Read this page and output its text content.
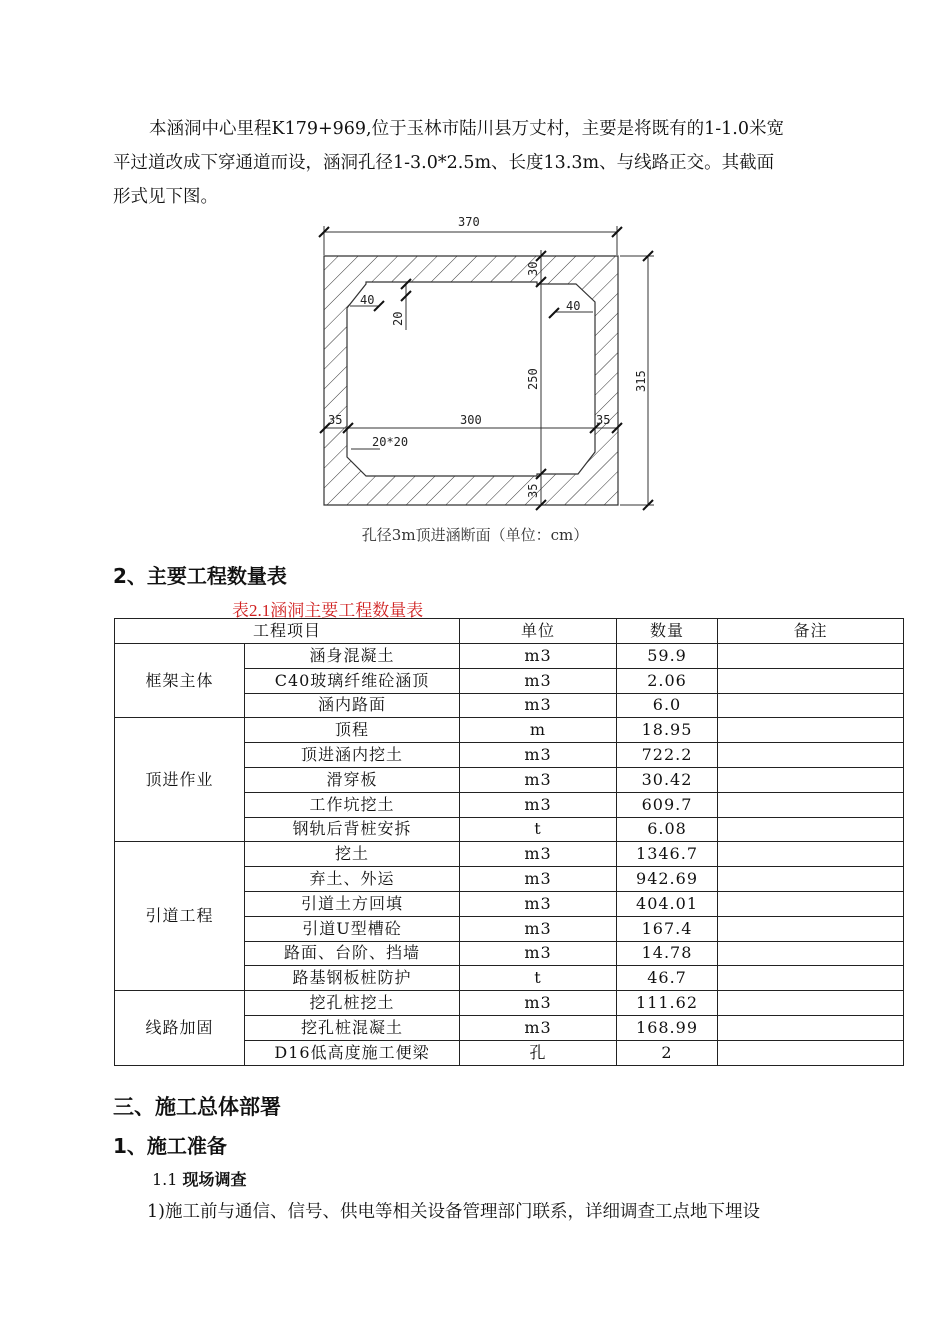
本涵洞中心里程K179+969,位于玉林市陆川县万丈村，主要是将既有的1-1.0米宽

平过道改成下穿通道而设，涵洞孔径1-3.0*2.5m、长度13.3m、与线路正交。其截面

形式见下图。

370
315
300
35	35
250
30
35
40
20
40
20*20
孔径3m顶进涵断面（单位：cm）
2、主要工程数量表
表2.1涵洞主要工程数量表
工程项目		单位	数量	备注
框架主体	涵身混凝土	m3	59.9	
	C40玻璃纤维砼涵顶	m3	2.06	
	涵内路面	m3	6.0	
顶进作业	顶程	m	18.95	
	顶进涵内挖土	m3	722.2	
	滑穿板	m3	30.42	
	工作坑挖土	m3	609.7	
	钢轨后背桩安拆	t	6.08	
引道工程	挖土	m3	1346.7	
	弃土、外运	m3	942.69	
	引道土方回填	m3	404.01	
	引道U型槽砼	m3	167.4	
	路面、台阶、挡墙	m3	14.78	
	路基钢板桩防护	t	46.7	
线路加固	挖孔桩挖土	m3	111.62	
	挖孔桩混凝土	m3	168.99	
	D16低高度施工便梁	孔	2	
三、施工总体部署
1、施工准备
1.1 现场调查

1)施工前与通信、信号、供电等相关设备管理部门联系，详细调查工点地下埋设
